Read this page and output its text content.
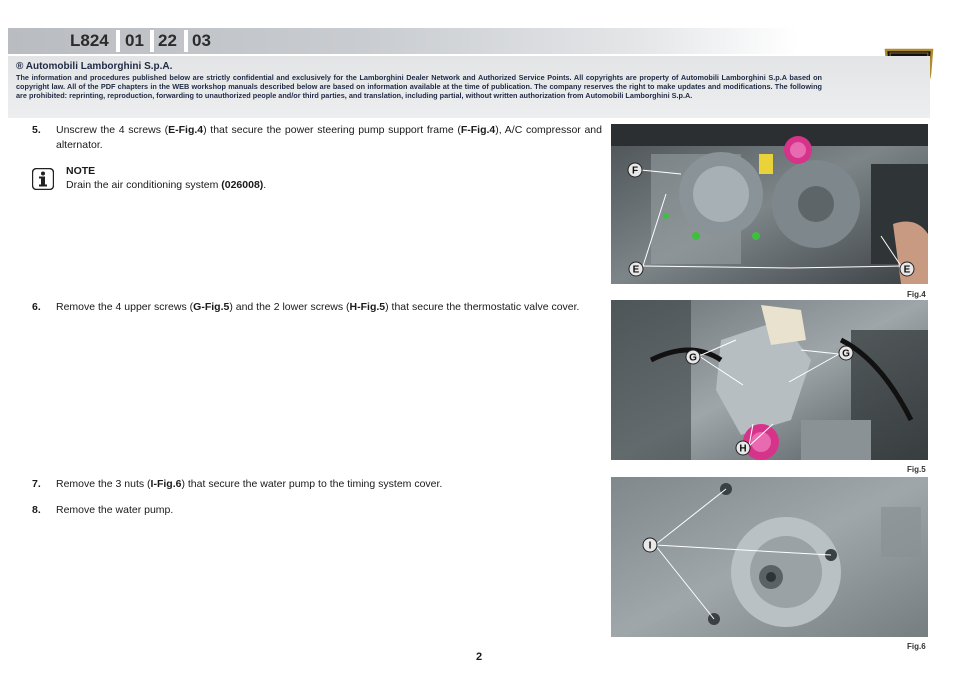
L824 01 22 03
® Automobili Lamborghini S.p.A.
The information and procedures published below are strictly confidential and exclusively for the Lamborghini Dealer Network and Authorized Service Points. All copyrights are property of Automobili Lamborghini S.p.A based on copyright law. All of the PDF chapters in the WEB workshop manuals described below are based on information available at the time of publication. The company reserves the right to make updates and modifications. The following are prohibited: reprinting, reproduction, forwarding to unauthorized people and/or third parties, and translation, including partial, without written authorization from Automobili Lamborghini S.p.A.
5. Unscrew the 4 screws (E-Fig.4) that secure the power steering pump support frame (F-Fig.4), A/C compressor and alternator.
NOTE
Drain the air conditioning system (026008).
6. Remove the 4 upper screws (G-Fig.5) and the 2 lower screws (H-Fig.5) that secure the thermostatic valve cover.
7. Remove the 3 nuts (I-Fig.6) that secure the water pump to the timing system cover.
8. Remove the water pump.
F
E	E
Fig.4
G	G
H
Fig.5
I
Fig.6
2
